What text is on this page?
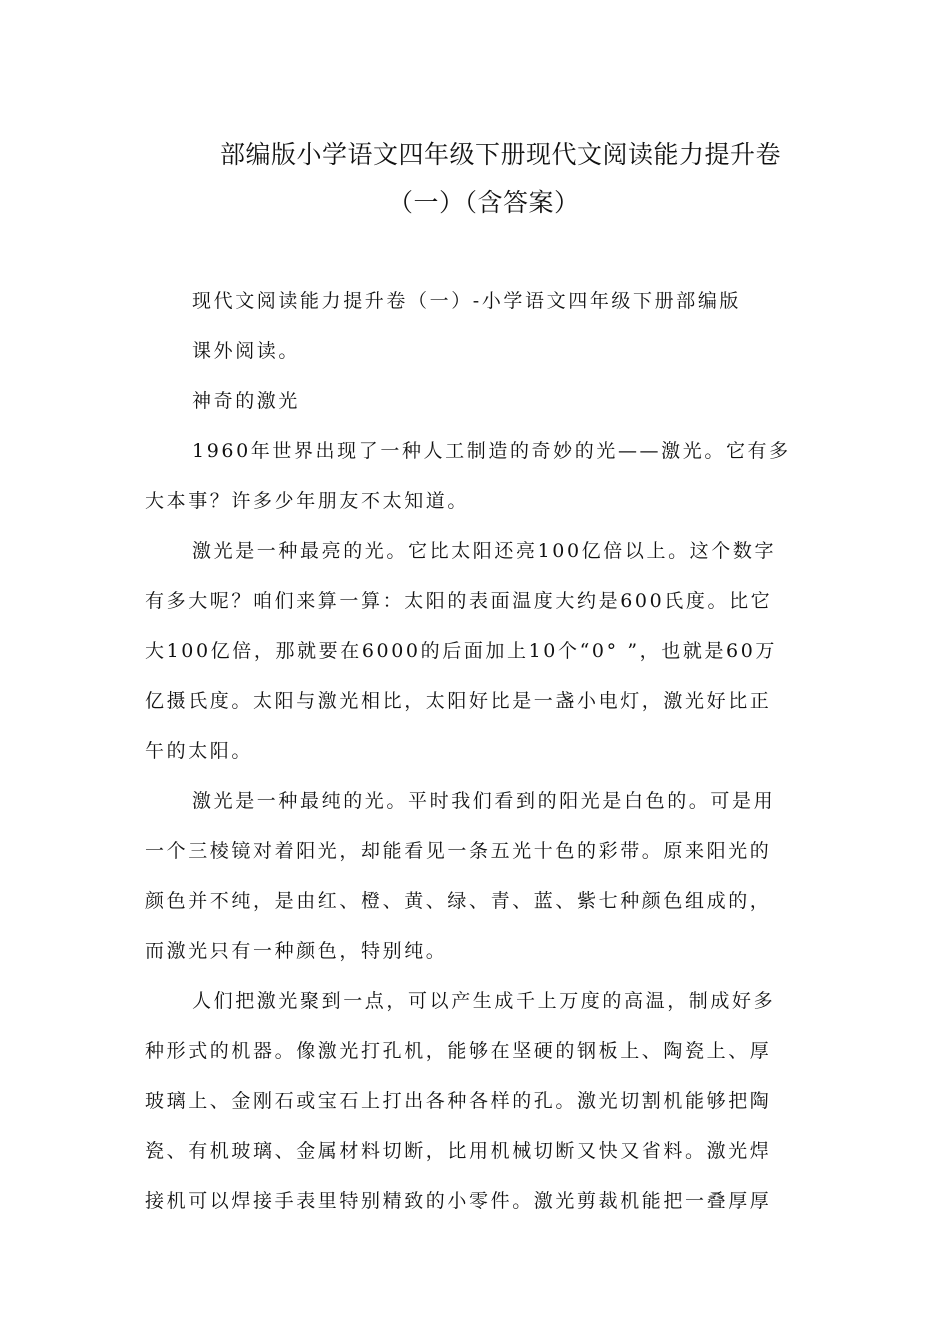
部编版小学语文四年级下册现代文阅读能力提升卷
（一）（含答案）
现代文阅读能力提升卷（一）-小学语文四年级下册部编版
课外阅读。
神奇的激光
1960年世界出现了一种人工制造的奇妙的光——激光。它有多
大本事？许多少年朋友不太知道。
激光是一种最亮的光。它比太阳还亮100亿倍以上。这个数字
有多大呢？咱们来算一算：太阳的表面温度大约是600氏度。比它
大100亿倍，那就要在6000的后面加上10个“0° ”，也就是60万
亿摄氏度。太阳与激光相比，太阳好比是一盏小电灯，激光好比正
午的太阳。
激光是一种最纯的光。平时我们看到的阳光是白色的。可是用
一个三棱镜对着阳光，却能看见一条五光十色的彩带。原来阳光的
颜色并不纯，是由红、橙、黄、绿、青、蓝、紫七种颜色组成的，
而激光只有一种颜色，特别纯。
人们把激光聚到一点，可以产生成千上万度的高温，制成好多
种形式的机器。像激光打孔机，能够在坚硬的钢板上、陶瓷上、厚
玻璃上、金刚石或宝石上打出各种各样的孔。激光切割机能够把陶
瓷、有机玻璃、金属材料切断，比用机械切断又快又省料。激光焊
接机可以焊接手表里特别精致的小零件。激光剪裁机能把一叠厚厚
